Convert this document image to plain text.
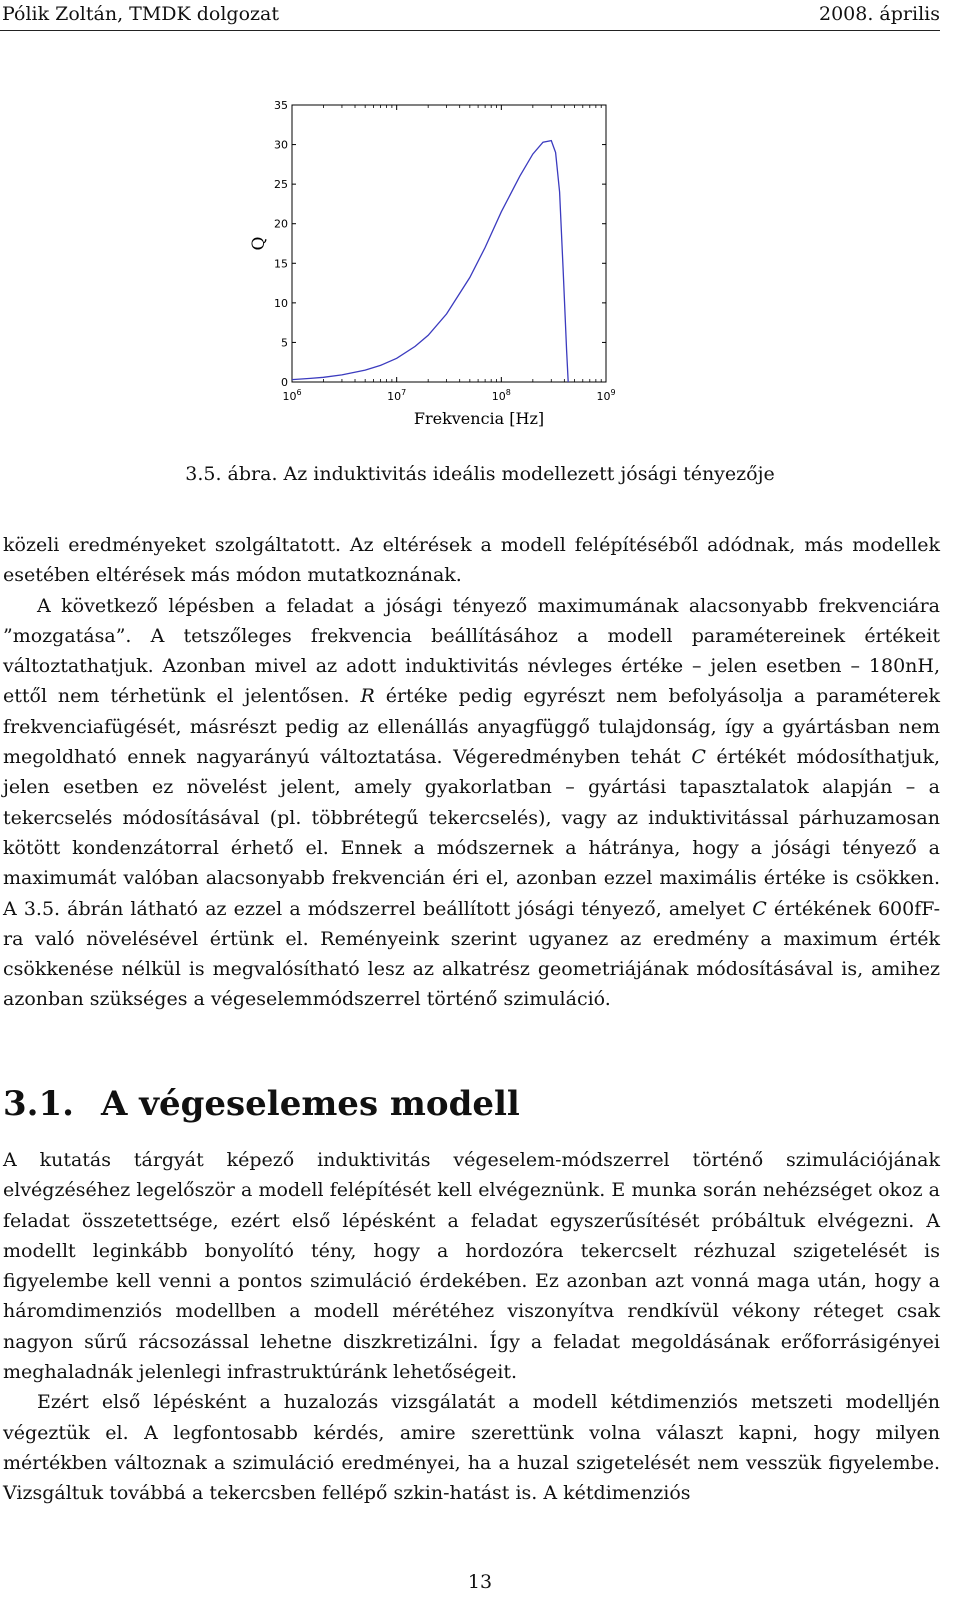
Pólik Zoltán, TMDK dolgozat	2008. április
0
5
10
15
20
25
30
35
$10^6$	$10^7$	$10^8$	$10^9$
Frekvencia [Hz]
Q
3.5. ábra. Az induktivitás ideális modellezett jósági tényezője

közeli eredményeket szolgáltatott. Az eltérések a modell felépítéséből adódnak, más modellek esetében eltérések más módon mutatkoznának.

A következő lépésben a feladat a jósági tényező maximumának alacsonyabb frekvenciára ”mozgatása”. A tetszőleges frekvencia beállításához a modell paramétereinek értékeit változtathatjuk. Azonban mivel az adott induktivitás névleges értéke – jelen esetben – 180nH, ettől nem térhetünk el jelentősen. R értéke pedig egyrészt nem befolyásolja a paraméterek frekvenciafügését, másrészt pedig az ellenállás anyagfüggő tulajdonság, így a gyártásban nem megoldható ennek nagyarányú változtatása. Végeredményben tehát C értékét módosíthatjuk, jelen esetben ez növelést jelent, amely gyakorlatban – gyártási tapasztalatok alapján – a tekercselés módosításával (pl. többrétegű tekercselés), vagy az induktivitással párhuzamosan kötött kondenzátorral érhető el. Ennek a módszernek a hátránya, hogy a jósági tényező a maximumát valóban alacsonyabb frekvencián éri el, azonban ezzel maximális értéke is csökken. A 3.5. ábrán látható az ezzel a módszerrel beállított jósági tényező, amelyet C értékének 600fF-ra való növelésével értünk el. Reményeink szerint ugyanez az eredmény a maximum érték csökkenése nélkül is megvalósítható lesz az alkatrész geometriájának módosításával is, amihez azonban szükséges a végeselemmódszerrel történő szimuláció.

3.1. A végeselemes modell

A kutatás tárgyát képező induktivitás végeselem-módszerrel történő szimulációjának elvégzéséhez legelőször a modell felépítését kell elvégeznünk. E munka során nehézséget okoz a feladat összetettsége, ezért első lépésként a feladat egyszerűsítését próbáltuk elvégezni. A modellt leginkább bonyolító tény, hogy a hordozóra tekercselt rézhuzal szigetelését is figyelembe kell venni a pontos szimuláció érdekében. Ez azonban azt vonná maga után, hogy a háromdimenziós modellben a modell mérétéhez viszonyítva rendkívül vékony réteget csak nagyon sűrű rácsozással lehetne diszkretizálni. Így a feladat megoldásának erőforrásigényei meghaladnák jelenlegi infrastruktúránk lehetőségeit.

Ezért első lépésként a huzalozás vizsgálatát a modell kétdimenziós metszeti modelljén végeztük el. A legfontosabb kérdés, amire szerettünk volna választ kapni, hogy milyen mértékben változnak a szimuláció eredményei, ha a huzal szigetelését nem vesszük figyelembe. Vizsgáltuk továbbá a tekercsben fellépő szkin-hatást is. A kétdimenziós

13
